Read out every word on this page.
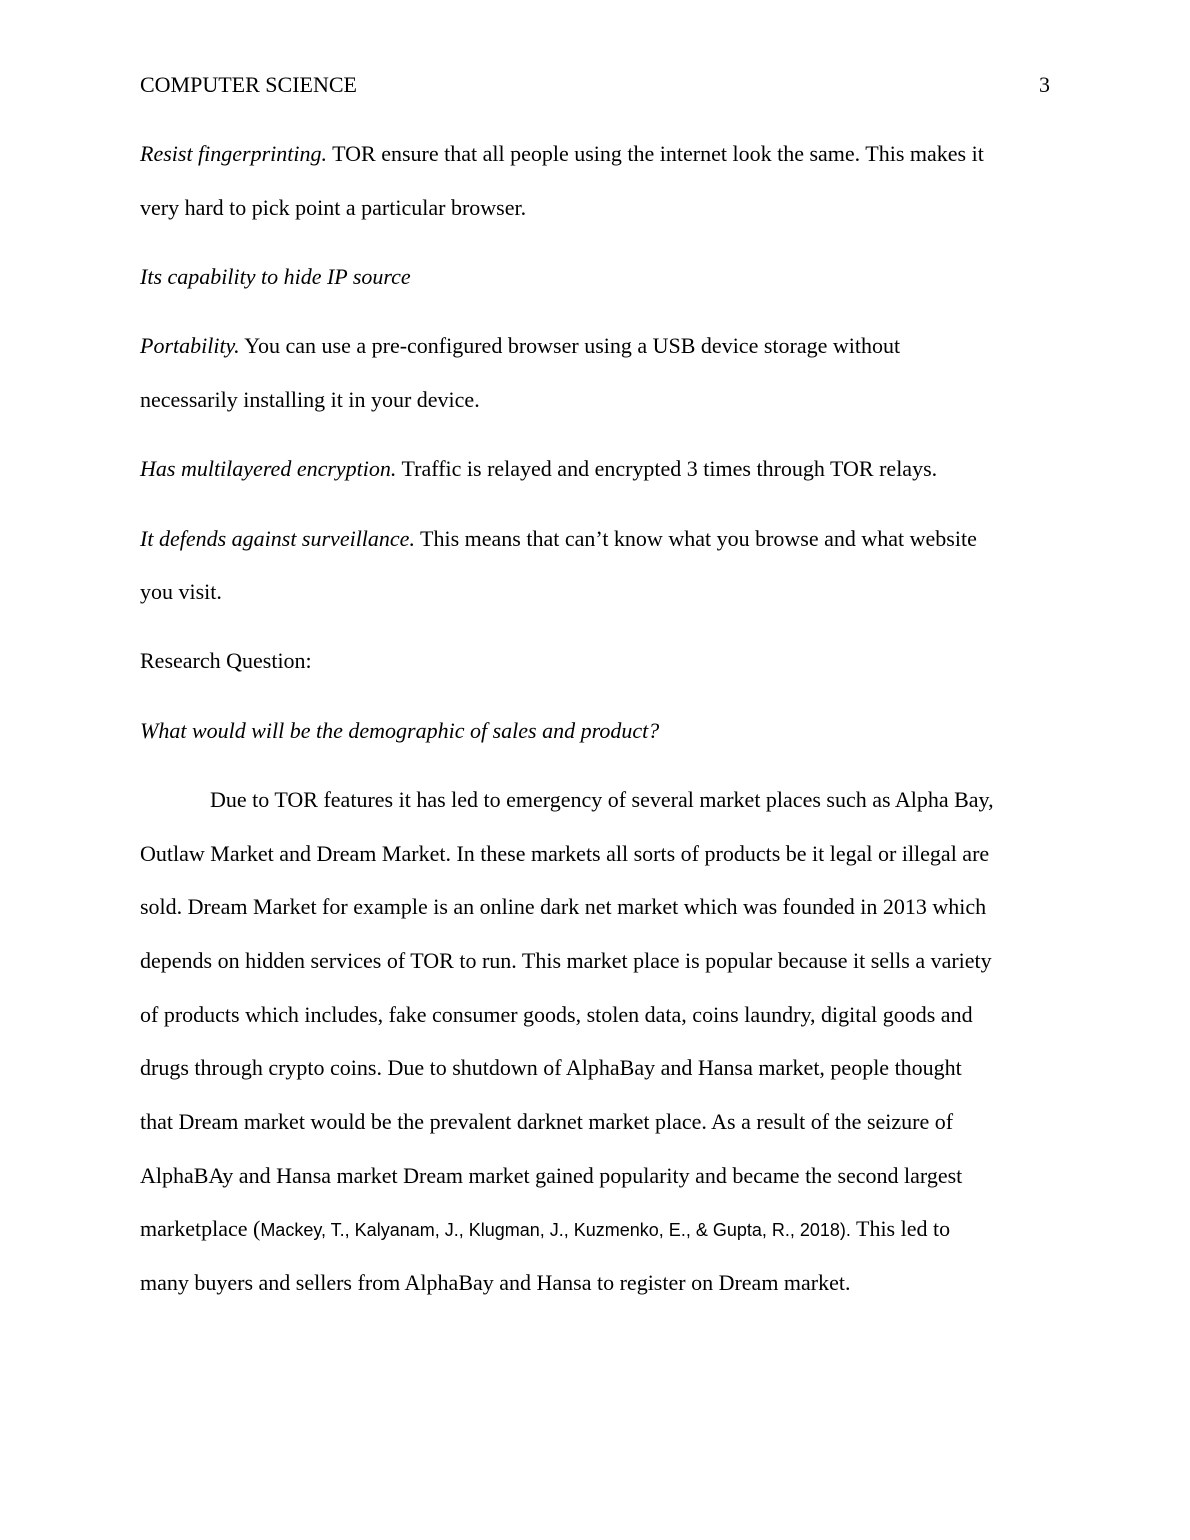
COMPUTER SCIENCE	3
Resist fingerprinting. TOR ensure that all people using the internet look the same. This makes it
very hard to pick point a particular browser.
Its capability to hide IP source
Portability. You can use a pre-configured browser using a USB device storage without
necessarily installing it in your device.
Has multilayered encryption. Traffic is relayed and encrypted 3 times through TOR relays.
It defends against surveillance. This means that can’t know what you browse and what website
you visit.
Research Question:
What would will be the demographic of sales and product?
Due to TOR features it has led to emergency of several market places such as Alpha Bay,
Outlaw Market and Dream Market. In these markets all sorts of products be it legal or illegal are
sold. Dream Market for example is an online dark net market which was founded in 2013 which
depends on hidden services of TOR to run. This market place is popular because it sells a variety
of products which includes, fake consumer goods, stolen data, coins laundry, digital goods and
drugs through crypto coins. Due to shutdown of AlphaBay and Hansa market, people thought
that Dream market would be the prevalent darknet market place. As a result of the seizure of
AlphaBAy and Hansa market Dream market gained popularity and became the second largest
marketplace (Mackey, T., Kalyanam, J., Klugman, J., Kuzmenko, E., & Gupta, R., 2018). This led to
many buyers and sellers from AlphaBay and Hansa to register on Dream market.
